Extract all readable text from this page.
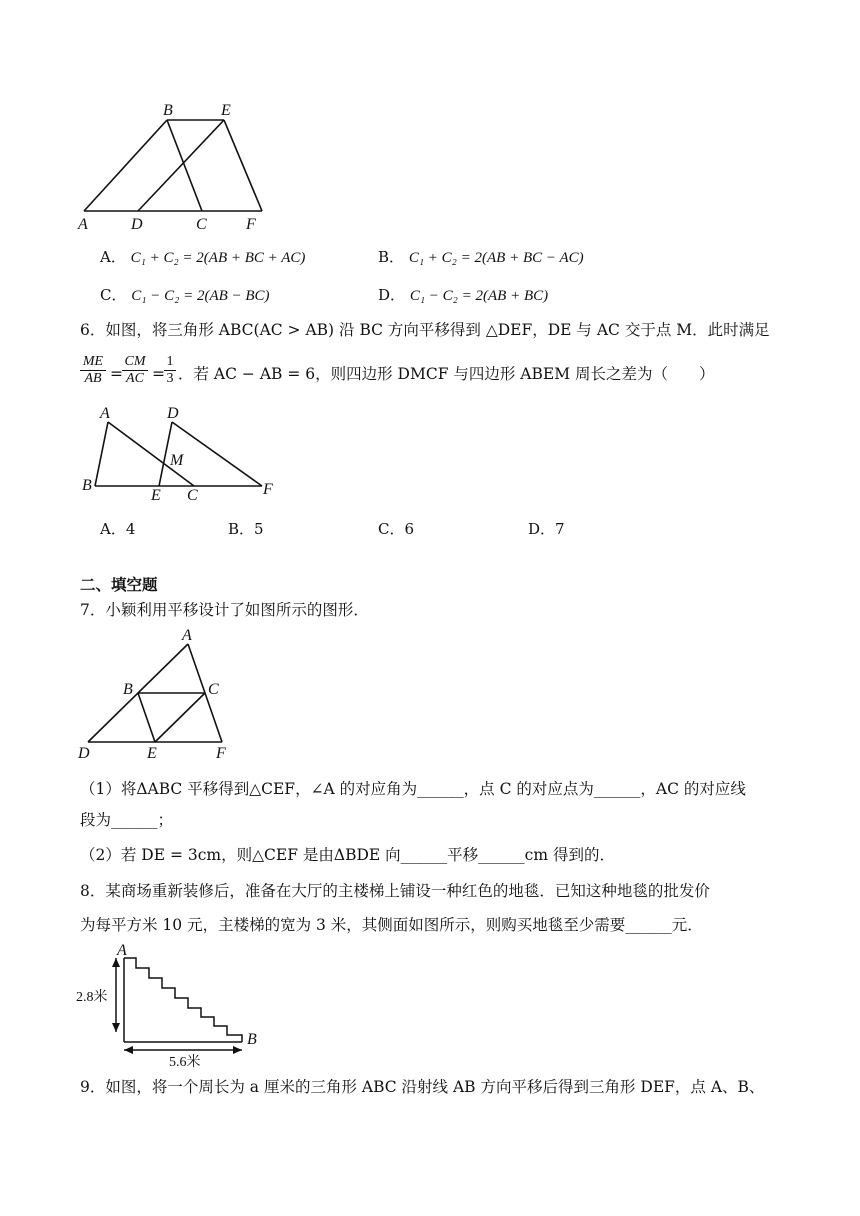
A
B
C
D
E
F
A． C₁ + C₂ = 2(AB + BC + AC)	B． C₁ + C₂ = 2(AB + BC − AC)
C． C₁ − C₂ = 2(AB − BC)	D． C₁ − C₂ = 2(AB + BC)
6．如图，将三角形 ABC(AC > AB) 沿 BC 方向平移得到 △DEF，DE 与 AC 交于点 M．此时满足
$\frac{ME}{AB} = \frac{CM}{AC} = \frac{1}{3}$ ．若 AC − AB = 6，则四边形 DMCF 与四边形 ABEM 周长之差为（　　）
A	D
M
B
E C	F
A．4	B．5	C．6	D．7
二、填空题
7．小颖利用平移设计了如图所示的图形．
A
B	C
D	E	F
（1）将ΔABC 平移得到△CEF，∠A 的对应角为______，点 C 的对应点为______，AC 的对应线
段为______；
（2）若 DE = 3cm，则△CEF 是由ΔBDE 向______平移______cm 得到的．
8．某商场重新装修后，准备在大厅的主楼梯上铺设一种红色的地毯．已知这种地毯的批发价
为每平方米 10 元，主楼梯的宽为 3 米，其侧面如图所示，则购买地毯至少需要______元．
A
B
2.8米
5.6米
9．如图，将一个周长为 a 厘米的三角形 ABC 沿射线 AB 方向平移后得到三角形 DEF，点 A、B、
